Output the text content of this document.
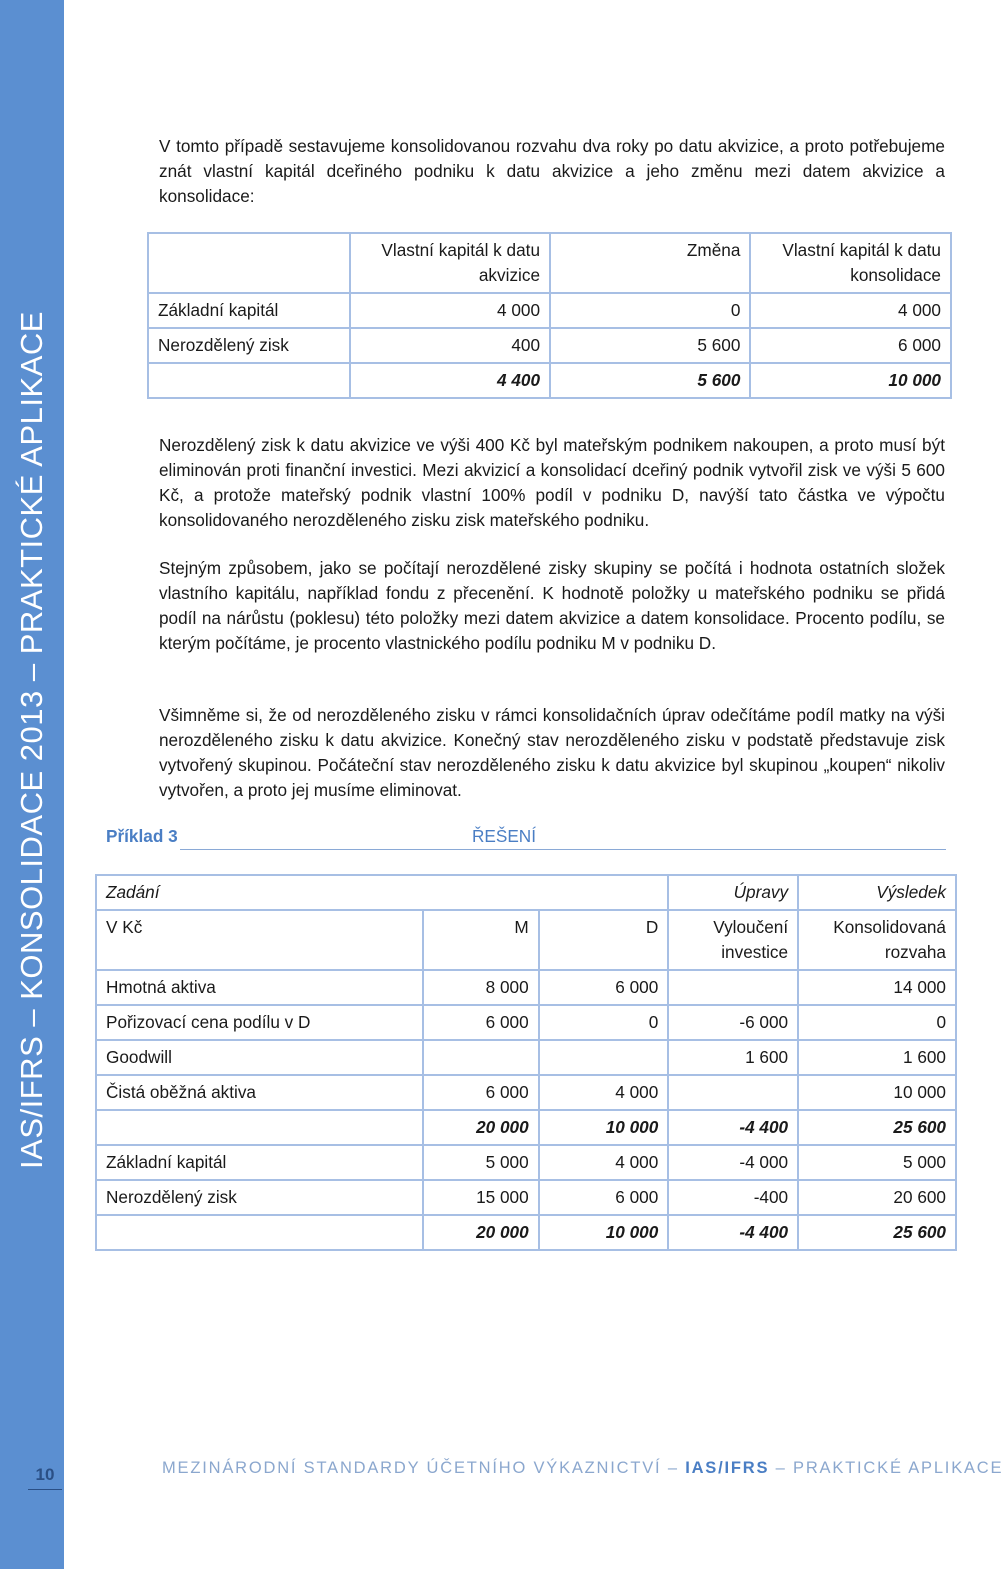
IAS/IFRS – KONSOLIDACE 2013 – PRAKTICKÉ APLIKACE
10

V tomto případě sestavujeme konsolidovanou rozvahu dva roky po datu akvizice, a proto potřebujeme znát vlastní kapitál dceřiného podniku k datu akvizice a jeho změnu mezi datem akvizice a konsolidace:

	Vlastní kapitál k datu akvizice	Změna	Vlastní kapitál k datu konsolidace
Základní kapitál	4 000	0	4 000
Nerozdělený zisk	400	5 600	6 000
	4 400	5 600	10 000

Nerozdělený zisk k datu akvizice ve výši 400 Kč byl mateřským podnikem nakoupen, a proto musí být eliminován proti finanční investici. Mezi akvizicí a konsolidací dceřiný podnik vytvořil zisk ve výši 5 600 Kč, a protože mateřský podnik vlastní 100% podíl v podniku D, navýší tato částka ve výpočtu konsolidovaného nerozděleného zisku zisk mateřského podniku.

Stejným způsobem, jako se počítají nerozdělené zisky skupiny se počítá i hodnota ostatních složek vlastního kapitálu, například fondu z přecenění. K hodnotě položky u mateřského podniku se přidá podíl na nárůstu (poklesu) této položky mezi datem akvizice a datem konsolidace. Procento podílu, se kterým počítáme, je procento vlastnického podílu podniku M v podniku D.

Všimněme si, že od nerozděleného zisku v rámci konsolidačních úprav odečítáme podíl matky na výši nerozděleného zisku k datu akvizice. Konečný stav nerozděleného zisku v podstatě představuje zisk vytvořený skupinou. Počáteční stav nerozděleného zisku k datu akvizice byl skupinou „koupen“ nikoliv vytvořen, a proto jej musíme eliminovat.

Příklad 3	ŘEŠENÍ
Zadání			Úpravy	Výsledek
V Kč	M	D	Vyloučení investice	Konsolidovaná rozvaha
Hmotná aktiva	8 000	6 000		14 000
Pořizovací cena podílu v D	6 000	0	-6 000	0
Goodwill			1 600	1 600
Čistá oběžná aktiva	6 000	4 000		10 000
	20 000	10 000	-4 400	25 600
Základní kapitál	5 000	4 000	-4 000	5 000
Nerozdělený zisk	15 000	6 000	-400	20 600
	20 000	10 000	-4 400	25 600
MEZINÁRODNÍ STANDARDY ÚČETNÍHO VÝKAZNICTVÍ – IAS/IFRS – PRAKTICKÉ APLIKACE
